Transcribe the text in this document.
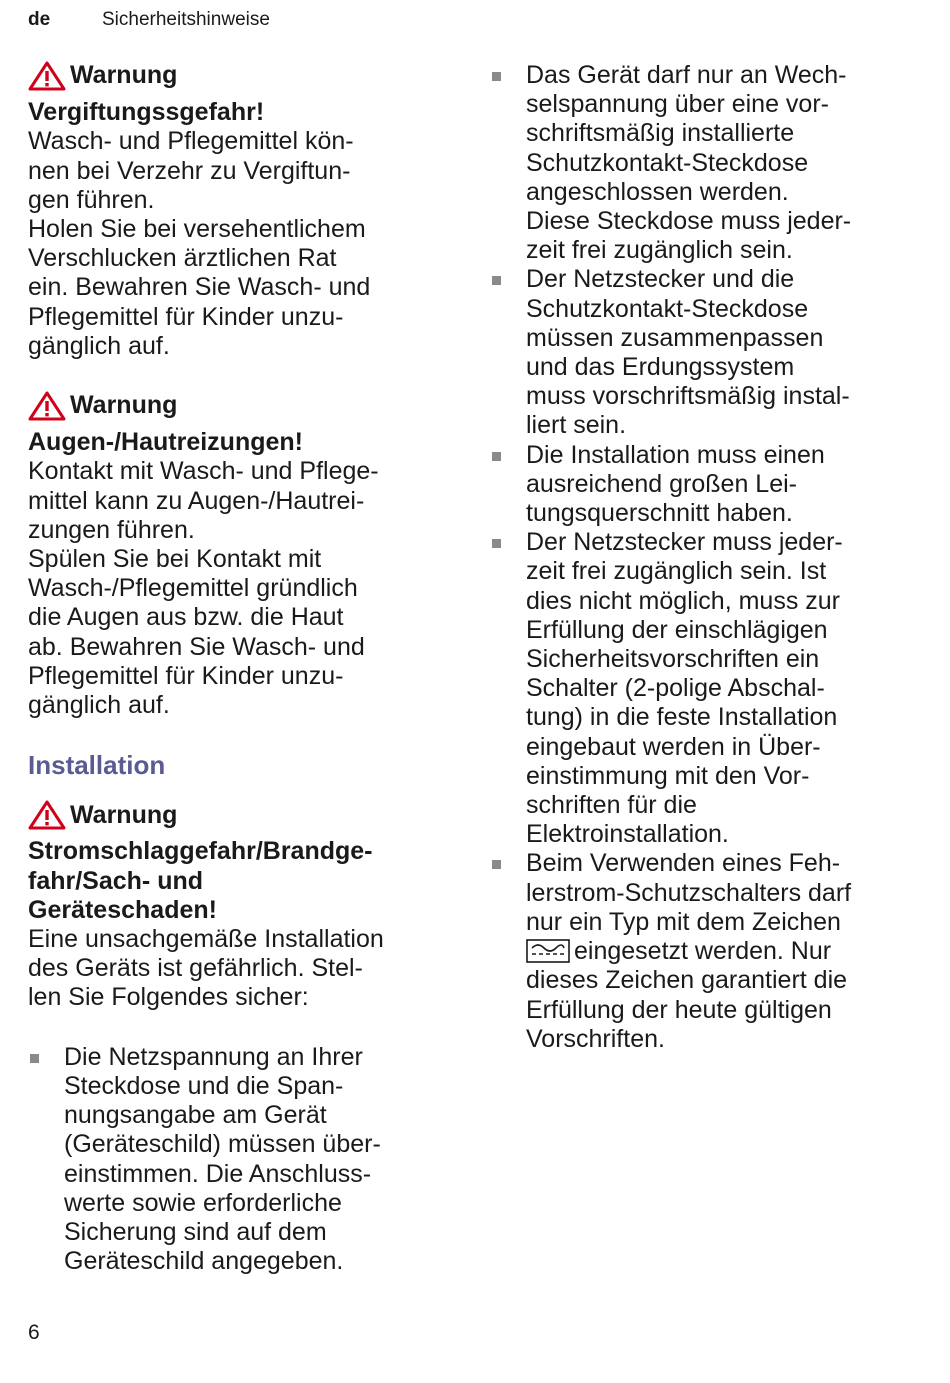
de	Sicherheitshinweise
Warnung

Vergiftungssgefahr!
Wasch- und Pflegemittel kön-
nen bei Verzehr zu Vergiftun-
gen führen.
Holen Sie bei versehentlichem
Verschlucken ärztlichen Rat
ein. Bewahren Sie Wasch- und
Pflegemittel für Kinder unzu-
gänglich auf.
Warnung

Augen-/Hautreizungen!
Kontakt mit Wasch- und Pflege-
mittel kann zu Augen-/Hautrei-
zungen führen.
Spülen Sie bei Kontakt mit
Wasch-/Pflegemittel gründlich
die Augen aus bzw. die Haut
ab. Bewahren Sie Wasch- und
Pflegemittel für Kinder unzu-
gänglich auf.
Installation
Warnung
Stromschlaggefahr/Brandge-
fahr/Sach- und
Geräteschaden!
Eine unsachgemäße Installation
des Geräts ist gefährlich. Stel-
len Sie Folgendes sicher:
Die Netzspannung an Ihrer
Steckdose und die Span-
nungsangabe am Gerät
(Geräteschild) müssen über-
einstimmen. Die Anschluss-
werte sowie erforderliche
Sicherung sind auf dem
Geräteschild angegeben.
Das Gerät darf nur an Wech-
selspannung über eine vor-
schriftsmäßig installierte
Schutzkontakt-Steckdose
angeschlossen werden.
Diese Steckdose muss jeder-
zeit frei zugänglich sein.
Der Netzstecker und die
Schutzkontakt-Steckdose
müssen zusammenpassen
und das Erdungssystem
muss vorschriftsmäßig instal-
liert sein.
Die Installation muss einen
ausreichend großen Lei-
tungsquerschnitt haben.
Der Netzstecker muss jeder-
zeit frei zugänglich sein. Ist
dies nicht möglich, muss zur
Erfüllung der einschlägigen
Sicherheitsvorschriften ein
Schalter (2-polige Abschal-
tung) in die feste Installation
eingebaut werden in Über-
einstimmung mit den Vor-
schriften für die
Elektroinstallation.
Beim Verwenden eines Feh-
lerstrom-Schutzschalters darf
nur ein Typ mit dem Zeichen
eingesetzt werden. Nur
dieses Zeichen garantiert die
Erfüllung der heute gültigen
Vorschriften.
6
